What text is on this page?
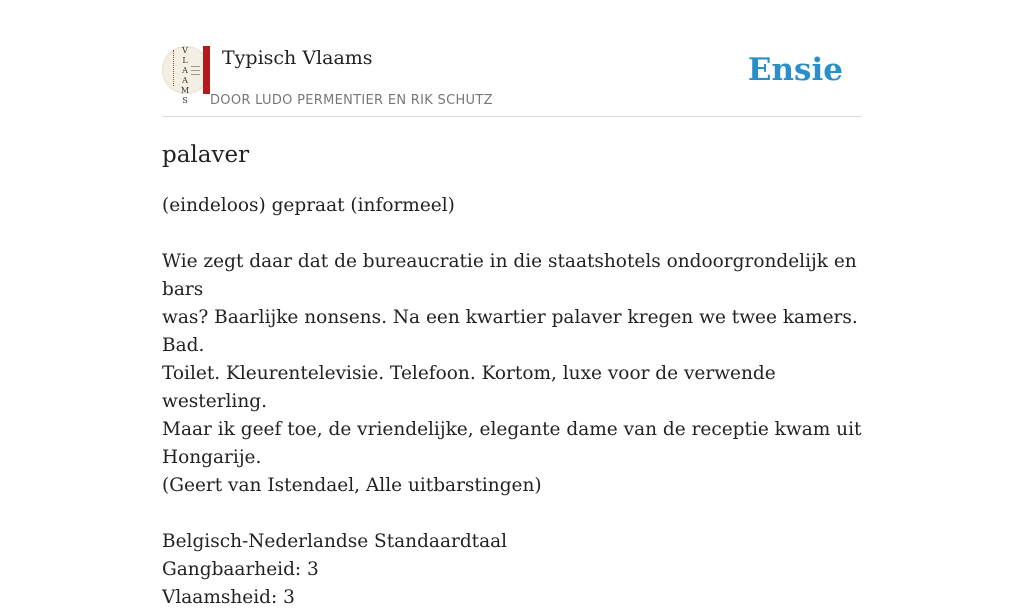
V
L
A
A
M
S
Typisch Vlaams
DOOR LUDO PERMENTIER EN RIK SCHUTZ
Ensie
palaver

(eindeloos) gepraat (informeel)

Wie zegt daar dat de bureaucratie in die staatshotels ondoorgrondelijk en bars

was? Baarlijke nonsens. Na een kwartier palaver kregen we twee kamers. Bad.

Toilet. Kleurentelevisie. Telefoon. Kortom, luxe voor de verwende westerling.

Maar ik geef toe, de vriendelijke, elegante dame van de receptie kwam uit

Hongarije.

(Geert van Istendael, Alle uitbarstingen)

Belgisch-Nederlandse Standaardtaal

Gangbaarheid: 3

Vlaamsheid: 3
